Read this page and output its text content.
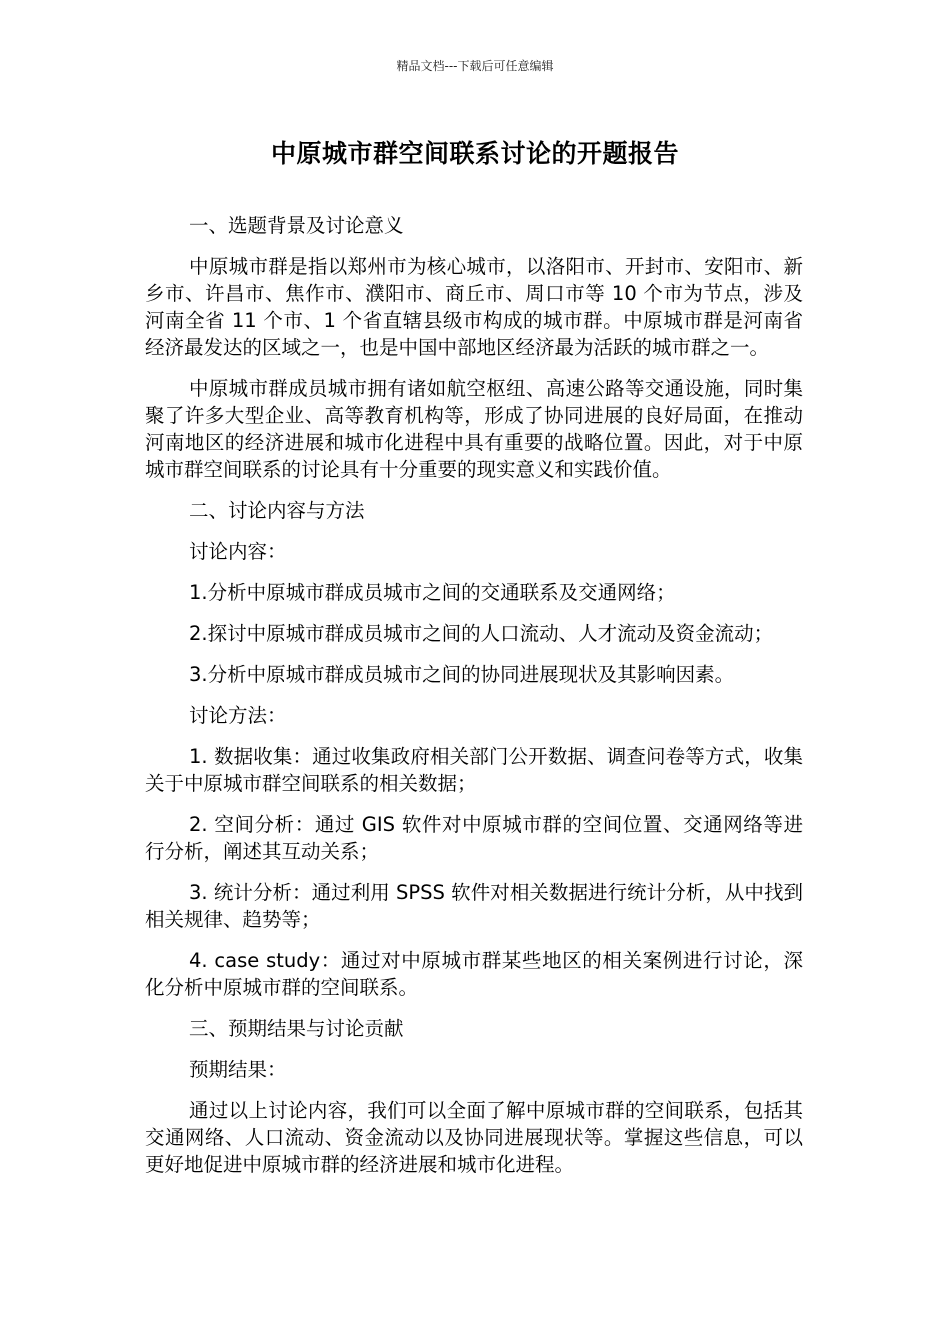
精品文档---下载后可任意编辑
中原城市群空间联系讨论的开题报告

一、选题背景及讨论意义

中原城市群是指以郑州市为核心城市，以洛阳市、开封市、安阳市、新乡市、许昌市、焦作市、濮阳市、商丘市、周口市等 10 个市为节点，涉及河南全省 11 个市、1 个省直辖县级市构成的城市群。中原城市群是河南省经济最发达的区域之一，也是中国中部地区经济最为活跃的城市群之一。

中原城市群成员城市拥有诸如航空枢纽、高速公路等交通设施，同时集聚了许多大型企业、高等教育机构等，形成了协同进展的良好局面，在推动河南地区的经济进展和城市化进程中具有重要的战略位置。因此，对于中原城市群空间联系的讨论具有十分重要的现实意义和实践价值。

二、讨论内容与方法

讨论内容：

1.分析中原城市群成员城市之间的交通联系及交通网络；

2.探讨中原城市群成员城市之间的人口流动、人才流动及资金流动；

3.分析中原城市群成员城市之间的协同进展现状及其影响因素。

讨论方法：

1. 数据收集：通过收集政府相关部门公开数据、调查问卷等方式，收集关于中原城市群空间联系的相关数据；

2. 空间分析：通过 GIS 软件对中原城市群的空间位置、交通网络等进行分析，阐述其互动关系；

3. 统计分析：通过利用 SPSS 软件对相关数据进行统计分析，从中找到相关规律、趋势等；

4. case study：通过对中原城市群某些地区的相关案例进行讨论，深化分析中原城市群的空间联系。

三、预期结果与讨论贡献

预期结果：

通过以上讨论内容，我们可以全面了解中原城市群的空间联系，包括其交通网络、人口流动、资金流动以及协同进展现状等。掌握这些信息，可以更好地促进中原城市群的经济进展和城市化进程。
